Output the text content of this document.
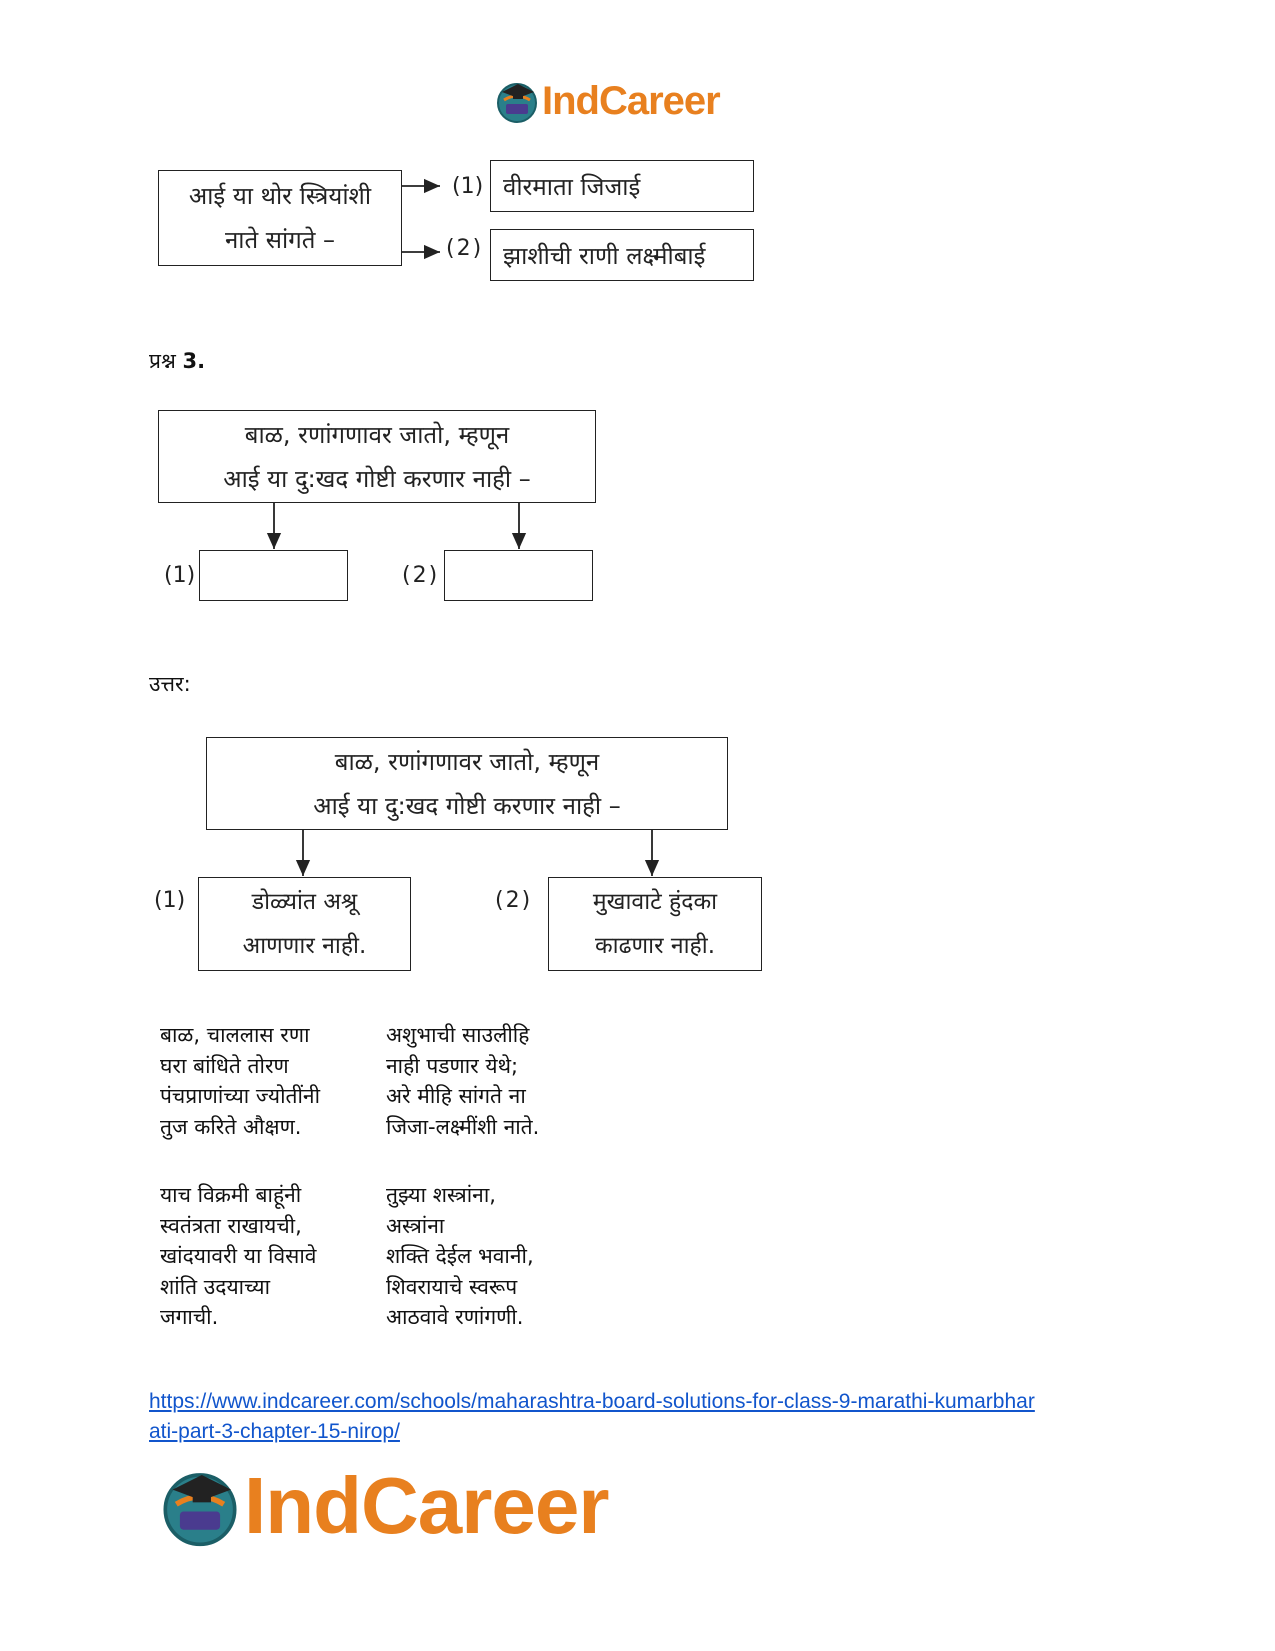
IndCareer
आई या थोर स्त्रियांशी
नाते सांगते –
(1) वीरमाता जिजाई
(2) झाशीची राणी लक्ष्मीबाई
प्रश्न 3.
बाळ, रणांगणावर जातो, म्हणून
आई या दु:खद गोष्टी करणार नाही –
(1)	(2)
उत्तर:
बाळ, रणांगणावर जातो, म्हणून
आई या दु:खद गोष्टी करणार नाही –
(1)	डोळ्यांत अश्रू
आणणार नाही.
(2)	मुखावाटे हुंदका
काढणार नाही.
बाळ, चाललास रणा
घरा बांधिते तोरण
पंचप्राणांच्या ज्योतींनी
तुज करिते औक्षण.
अशुभाची साउलीहि
नाही पडणार येथे;
अरे मीहि सांगते ना
जिजा-लक्ष्मींशी नाते.
याच विक्रमी बाहूंनी
स्वतंत्रता राखायची,
खांदयावरी या विसावे
शांति उदयाच्या
जगाची.
तुझ्या शस्त्रांना,
अस्त्रांना
शक्ति देईल भवानी,
शिवरायाचे स्वरूप
आठवावे रणांगणी.
https://www.indcareer.com/schools/maharashtra-board-solutions-for-class-9-marathi-kumarbhar
ati-part-3-chapter-15-nirop/
IndCareer
